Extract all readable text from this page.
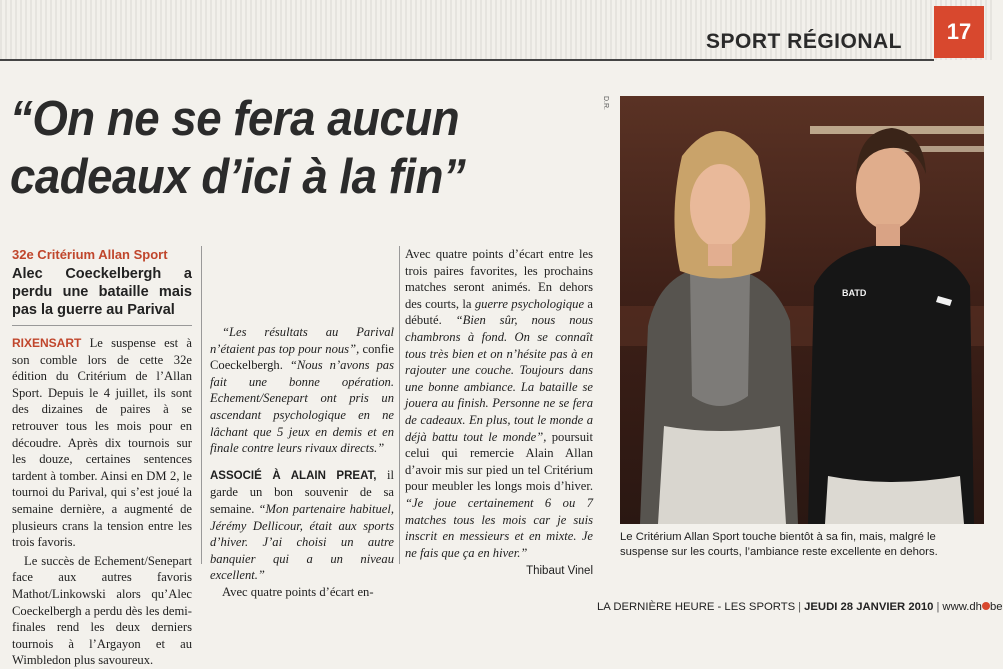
SPORT RÉGIONAL	17
“On ne se fera aucun
cadeaux d’ici à la fin”
32e Critérium Allan Sport
Alec Coeckelbergh a perdu une bataille mais pas la guerre au Parival

RIXENSART Le suspense est à son comble lors de cette 32e édition du Critérium de l’Allan Sport. Depuis le 4 juillet, ils sont des dizaines de paires à se retrouver tous les mois pour en découdre. Après dix tournois sur les douze, certaines sentences tardent à tomber. Ainsi en DM 2, le tournoi du Parival, qui s’est joué la semaine dernière, a augmenté de plusieurs crans la tension entre les trois favoris.

Le succès de Echement/Senepart face aux autres favoris Mathot/Linkowski alors qu’Alec Coeckelbergh a perdu dès les demi-finales rend les deux derniers tournois à l’Argayon et au Wimbledon plus savoureux.

“Les résultats au Parival n’étaient pas top pour nous”, confie Coeckelbergh. “Nous n’avons pas fait une bonne opération. Echement/Senepart ont pris un ascendant psychologique en ne lâchant que 5 jeux en demis et en finale contre leurs rivaux directs.”

ASSOCIÉ À ALAIN PREAT, il garde un bon souvenir de sa semaine. “Mon partenaire habituel, Jérémy Dellicour, était aux sports d’hiver. J’ai choisi un autre banquier qui a un niveau excellent.”

Avec quatre points d’écart en-

Avec quatre points d’écart entre les trois paires favorites, les prochains matches seront animés. En dehors des courts, la guerre psychologique a débuté. “Bien sûr, nous nous chambrons à fond. On se connaît tous très bien et on n’hésite pas à en rajouter une couche. Toujours dans une bonne ambiance. La bataille se jouera au finish. Personne ne se fera de cadeaux. En plus, tout le monde a déjà battu tout le monde”, poursuit celui qui remercie Alain Allan d’avoir mis sur pied un tel Critérium pour meubler les longs mois d’hiver. “Je joue certainement 6 ou 7 matches tous les mois car je suis inscrit en messieurs et en mixte. Je ne fais que ça en hiver.”

Thibaut Vinel
D.R.
BATD
Le Critérium Allan Sport touche bientôt à sa fin, mais, malgré le suspense sur les courts, l’ambiance reste excellente en dehors.
LA DERNIÈRE HEURE - LES SPORTS | JEUDI 28 JANVIER 2010 | www.dh be
